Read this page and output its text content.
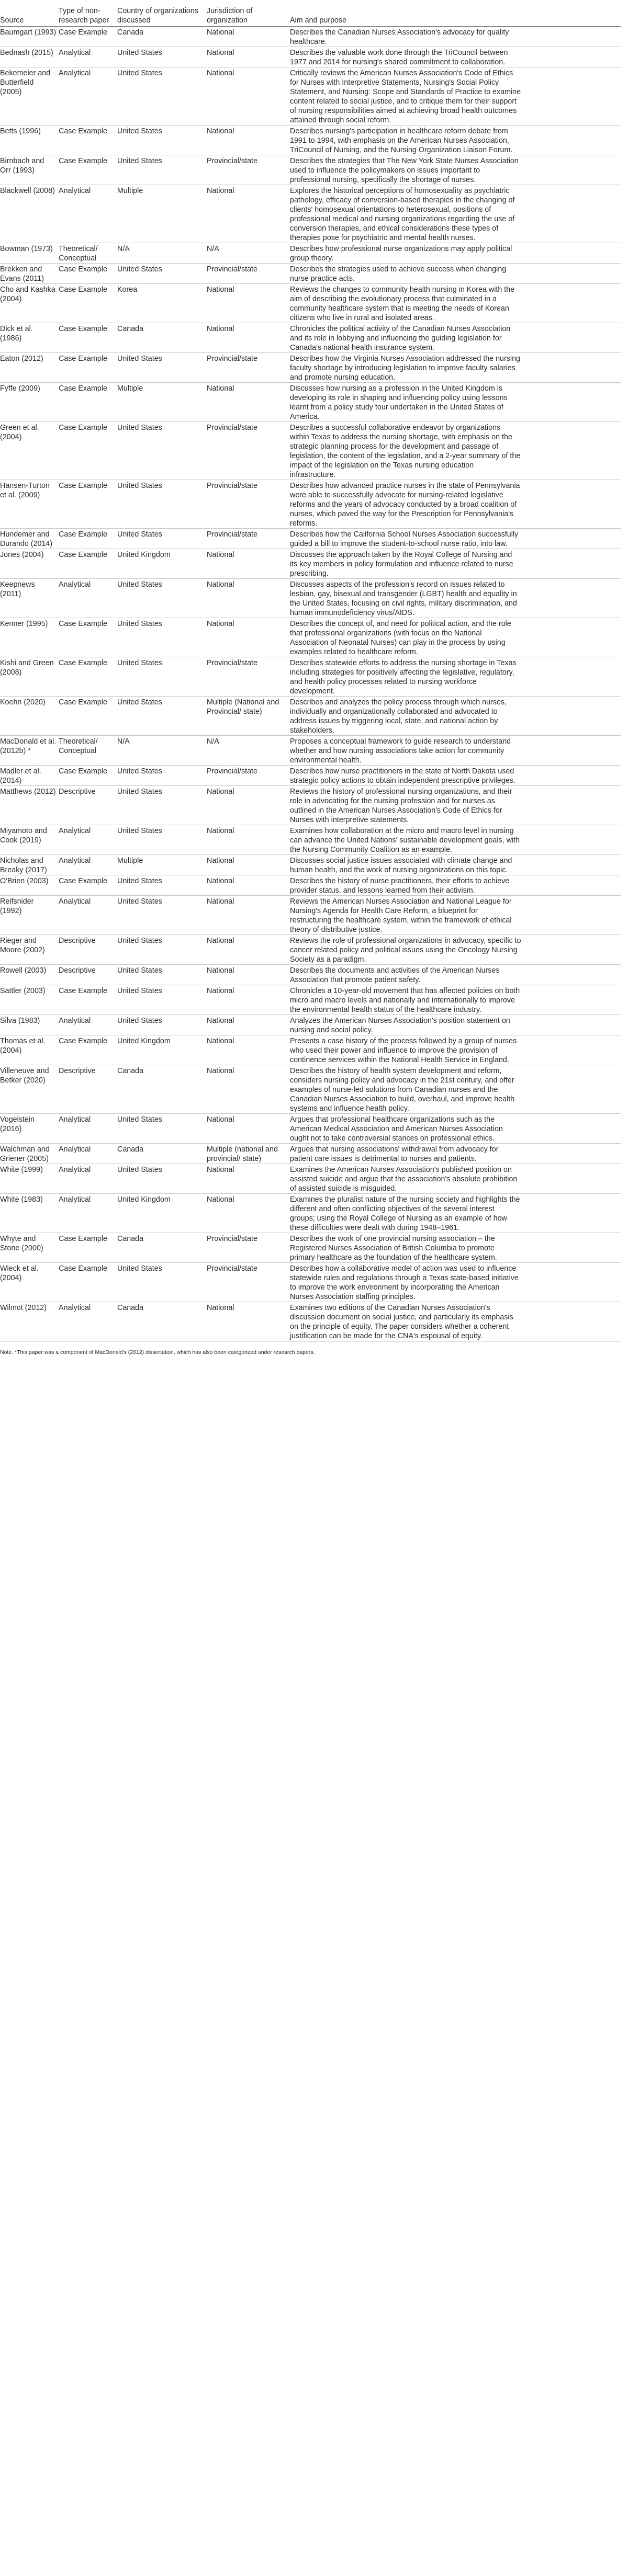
Source	Type of non-research paper	Country of organizations discussed	Jurisdiction of organization	Aim and purpose
Baumgart (1993)	Case Example	Canada	National	Describes the Canadian Nurses Association's advocacy for quality healthcare.
Bednash (2015)	Analytical	United States	National	Describes the valuable work done through the TriCouncil between 1977 and 2014 for nursing's shared commitment to collaboration.
Bekemeier and Butterfield (2005)	Analytical	United States	National	Critically reviews the American Nurses Association's Code of Ethics for Nurses with Interpretive Statements, Nursing's Social Policy Statement, and Nursing: Scope and Standards of Practice to examine content related to social justice, and to critique them for their support of nursing responsibilities aimed at achieving broad health outcomes attained through social reform.
Betts (1996)	Case Example	United States	National	Describes nursing's participation in healthcare reform debate from 1991 to 1994, with emphasis on the American Nurses Association, TriCouncil of Nursing, and the Nursing Organization Liaison Forum.
Birnbach and Orr (1993)	Case Example	United States	Provincial/state	Describes the strategies that The New York State Nurses Association used to influence the policymakers on issues important to professional nursing, specifically the shortage of nurses.
Blackwell (2008)	Analytical	Multiple	National	Explores the historical perceptions of homosexuality as psychiatric pathology, efficacy of conversion-based therapies in the changing of clients' homosexual orientations to heterosexual, positions of professional medical and nursing organizations regarding the use of conversion therapies, and ethical considerations these types of therapies pose for psychiatric and mental health nurses.
Bowman (1973)	Theoretical/ Conceptual	N/A	N/A	Describes how professional nurse organizations may apply political group theory.
Brekken and Evans (2011)	Case Example	United States	Provincial/state	Describes the strategies used to achieve success when changing nurse practice acts.
Cho and Kashka (2004)	Case Example	Korea	National	Reviews the changes to community health nursing in Korea with the aim of describing the evolutionary process that culminated in a community healthcare system that is meeting the needs of Korean citizens who live in rural and isolated areas.
Dick et al. (1986)	Case Example	Canada	National	Chronicles the political activity of the Canadian Nurses Association and its role in lobbying and influencing the guiding legislation for Canada's national health insurance system.
Eaton (2012)	Case Example	United States	Provincial/state	Describes how the Virginia Nurses Association addressed the nursing faculty shortage by introducing legislation to improve faculty salaries and promote nursing education.
Fyffe (2009)	Case Example	Multiple	National	Discusses how nursing as a profession in the United Kingdom is developing its role in shaping and influencing policy using lessons learnt from a policy study tour undertaken in the United States of America.
Green et al. (2004)	Case Example	United States	Provincial/state	Describes a successful collaborative endeavor by organizations within Texas to address the nursing shortage, with emphasis on the strategic planning process for the development and passage of legislation, the content of the legislation, and a 2-year summary of the impact of the legislation on the Texas nursing education infrastructure.
Hansen-Turton et al. (2009)	Case Example	United States	Provincial/state	Describes how advanced practice nurses in the state of Pennsylvania were able to successfully advocate for nursing-related legislative reforms and the years of advocacy conducted by a broad coalition of nurses, which paved the way for the Prescription for Pennsylvania's reforms.
Hundemer and Durando (2014)	Case Example	United States	Provincial/state	Describes how the California School Nurses Association successfully guided a bill to improve the student-to-school nurse ratio, into law.
Jones (2004)	Case Example	United Kingdom	National	Discusses the approach taken by the Royal College of Nursing and its key members in policy formulation and influence related to nurse prescribing.
Keepnews (2011)	Analytical	United States	National	Discusses aspects of the profession's record on issues related to lesbian, gay, bisexual and transgender (LGBT) health and equality in the United States, focusing on civil rights, military discrimination, and human immunodeficiency virus/AIDS.
Kenner (1995)	Case Example	United States	National	Describes the concept of, and need for political action, and the role that professional organizations (with focus on the National Association of Neonatal Nurses) can play in the process by using examples related to healthcare reform.
Kishi and Green (2008)	Case Example	United States	Provincial/state	Describes statewide efforts to address the nursing shortage in Texas including strategies for positively affecting the legislative, regulatory, and health policy processes related to nursing workforce development.
Koehn (2020)	Case Example	United States	Multiple (National and Provincial/ state)	Describes and analyzes the policy process through which nurses, individually and organizationally collaborated and advocated to address issues by triggering local, state, and national action by stakeholders.
MacDonald et al. (2012b) *	Theoretical/ Conceptual	N/A	N/A	Proposes a conceptual framework to guide research to understand whether and how nursing associations take action for community environmental health.
Madler et al. (2014)	Case Example	United States	Provincial/state	Describes how nurse practitioners in the state of North Dakota used strategic policy actions to obtain independent prescriptive privileges.
Matthews (2012)	Descriptive	United States	National	Reviews the history of professional nursing organizations, and their role in advocating for the nursing profession and for nurses as outlined in the American Nurses Association's Code of Ethics for Nurses with interpretive statements.
Miyamoto and Cook (2019)	Analytical	United States	National	Examines how collaboration at the micro and macro level in nursing can advance the United Nations' sustainable development goals, with the Nursing Community Coalition as an example.
Nicholas and Breaky (2017)	Analytical	Multiple	National	Discusses social justice issues associated with climate change and human health, and the work of nursing organizations on this topic.
O'Brien (2003)	Case Example	United States	National	Describes the history of nurse practitioners, their efforts to achieve provider status, and lessons learned from their activism.
Reifsnider (1992)	Analytical	United States	National	Reviews the American Nurses Association and National League for Nursing's Agenda for Health Care Reform, a blueprint for restructuring the healthcare system, within the framework of ethical theory of distributive justice.
Rieger and Moore (2002)	Descriptive	United States	National	Reviews the role of professional organizations in advocacy, specific to cancer related policy and political issues using the Oncology Nursing Society as a paradigm.
Rowell (2003)	Descriptive	United States	National	Describes the documents and activities of the American Nurses Association that promote patient safety.
Sattler (2003)	Case Example	United States	National	Chronicles a 10-year-old movement that has affected policies on both micro and macro levels and nationally and internationally to improve the environmental health status of the healthcare industry.
Silva (1983)	Analytical	United States	National	Analyzes the American Nurses Association's position statement on nursing and social policy.
Thomas et al. (2004)	Case Example	United Kingdom	National	Presents a case history of the process followed by a group of nurses who used their power and influence to improve the provision of continence services within the National Health Service in England.
Villeneuve and Betker (2020)	Descriptive	Canada	National	Describes the history of health system development and reform, considers nursing policy and advocacy in the 21st century, and offer examples of nurse-led solutions from Canadian nurses and the Canadian Nurses Association to build, overhaul, and improve health systems and influence health policy.
Vogelstein (2016)	Analytical	United States	National	Argues that professional healthcare organizations such as the American Medical Association and American Nurses Association ought not to take controversial stances on professional ethics.
Walchman and Griener (2005)	Analytical	Canada	Multiple (national and provincial/ state)	Argues that nursing associations' withdrawal from advocacy for patient care issues is detrimental to nurses and patients.
White (1999)	Analytical	United States	National	Examines the American Nurses Association's published position on assisted suicide and argue that the association's absolute prohibition of assisted suicide is misguided.
White (1983)	Analytical	United Kingdom	National	Examines the pluralist nature of the nursing society and highlights the different and often conflicting objectives of the several interest groups; using the Royal College of Nursing as an example of how these difficulties were dealt with during 1948–1961.
Whyte and Stone (2000)	Case Example	Canada	Provincial/state	Describes the work of one provincial nursing association – the Registered Nurses Association of British Columbia to promote primary healthcare as the foundation of the healthcare system.
Wieck et al. (2004)	Case Example	United States	Provincial/state	Describes how a collaborative model of action was used to influence statewide rules and regulations through a Texas state-based initiative to improve the work environment by incorporating the American Nurses Association staffing principles.
Wilmot (2012)	Analytical	Canada	National	Examines two editions of the Canadian Nurses Association's discussion document on social justice, and particularly its emphasis on the principle of equity. The paper considers whether a coherent justification can be made for the CNA's espousal of equity.
Note. *This paper was a component of MacDonald's (2012) dissertation, which has also been categorized under research papers.
